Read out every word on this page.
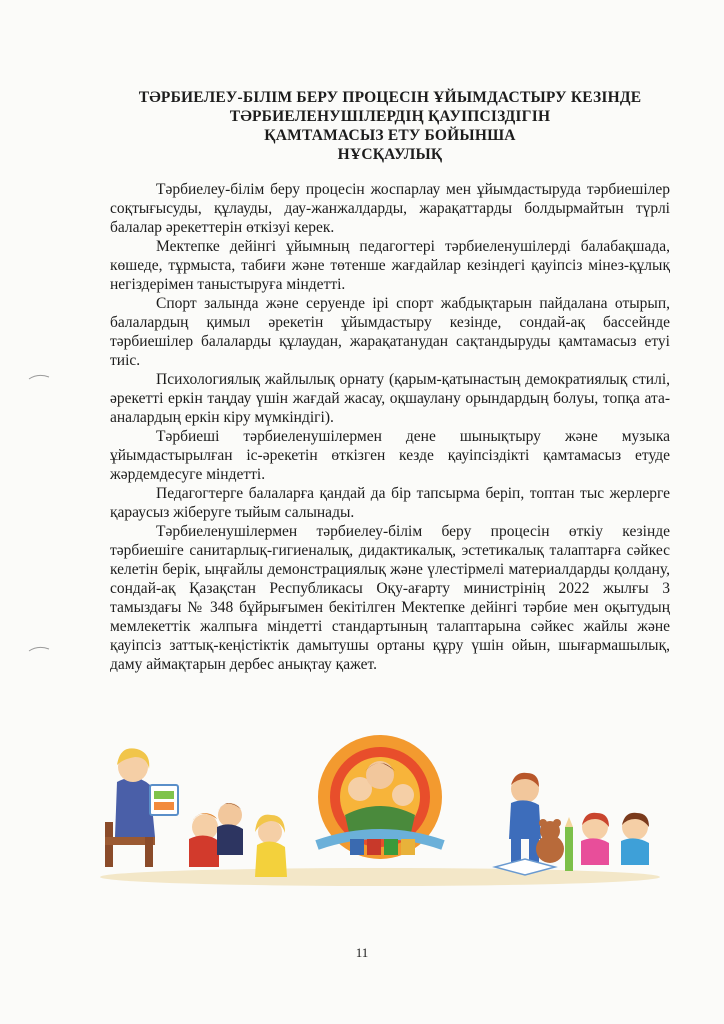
ТӘРБИЕЛЕУ-БІЛІМ БЕРУ ПРОЦЕСІН ҰЙЫМДАСТЫРУ КЕЗІНДЕ
ТӘРБИЕЛЕНУШІЛЕРДІҢ ҚАУІПСІЗДІГІН
ҚАМТАМАСЫЗ ЕТУ БОЙЫНША
НҰСҚАУЛЫҚ

Тәрбиелеу-білім беру процесін жоспарлау мен ұйымдастыруда тәрбиешілер соқтығысуды, құлауды, дау-жанжалдарды, жарақаттарды болдырмайтын түрлі балалар әрекеттерін өткізуі керек.

Мектепке дейінгі ұйымның педагогтері тәрбиеленушілерді балабақшада, көшеде, тұрмыста, табиғи және төтенше жағдайлар кезіндегі қауіпсіз мінез-құлық негіздерімен таныстыруға міндетті.

Спорт залында және серуенде ірі спорт жабдықтарын пайдалана отырып, балалардың қимыл әрекетін ұйымдастыру кезінде, сондай-ақ бассейнде тәрбиешілер балаларды құлаудан, жарақатанудан сақтандыруды қамтамасыз етуі тиіс.

Психологиялық жайлылық орнату (қарым-қатынастың демократиялық стилі, әрекетті еркін таңдау үшін жағдай жасау, оқшаулану орындардың болуы, топқа ата-аналардың еркін кіру мүмкіндігі).

Тәрбиеші тәрбиеленушілермен дене шынықтыру және музыка ұйымдастырылған іс-әрекетін өткізген кезде қауіпсіздікті қамтамасыз етуде жәрдемдесуге міндетті.

Педагогтерге балаларға қандай да бір тапсырма беріп, топтан тыс жерлерге қараусыз жіберуге тыйым салынады.

Тәрбиеленушілермен тәрбиелеу-білім беру процесін өткіу кезінде тәрбиешіге санитарлық-гигиеналық, дидактикалық, эстетикалық талаптарға сәйкес келетін берік, ыңғайлы демонстрациялық және үлестірмелі материалдарды қолдану, сондай-ақ Қазақстан Республикасы Оқу-ағарту министрінің 2022 жылғы 3 тамыздағы № 348 бұйрығымен бекітілген Мектепке дейінгі тәрбие мен оқытудың мемлекеттік жалпыға міндетті стандартының талаптарына сәйкес жайлы және қауіпсіз заттық-кеңістіктік дамытушы ортаны құру үшін ойын, шығармашылық, даму аймақтарын дербес анықтау қажет.

11
